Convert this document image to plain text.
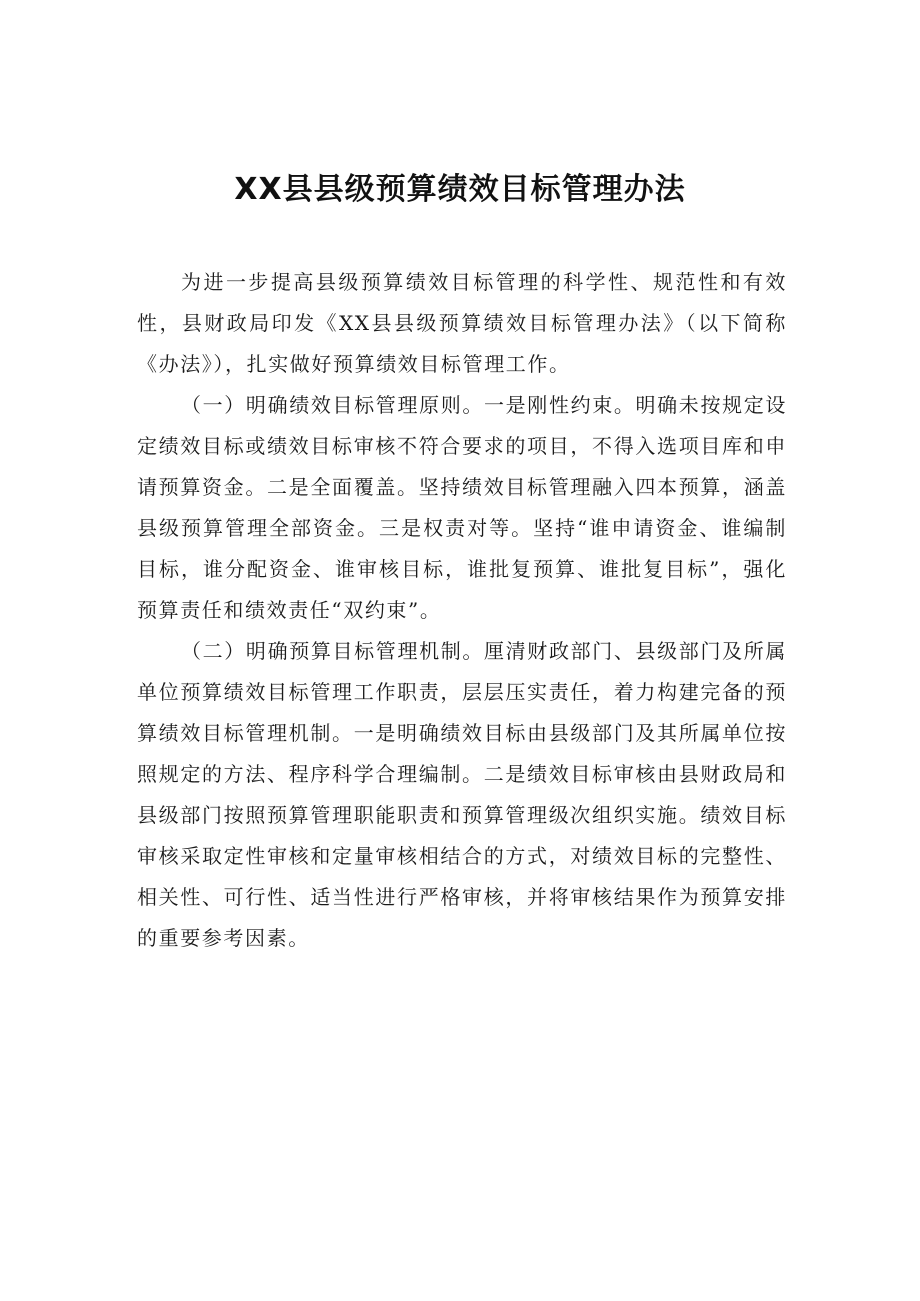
XX县县级预算绩效目标管理办法

为进一步提高县级预算绩效目标管理的科学性、规范性和有效性，县财政局印发《XX县县级预算绩效目标管理办法》（以下简称《办法》），扎实做好预算绩效目标管理工作。

（一）明确绩效目标管理原则。一是刚性约束。明确未按规定设定绩效目标或绩效目标审核不符合要求的项目，不得入选项目库和申请预算资金。二是全面覆盖。坚持绩效目标管理融入四本预算，涵盖县级预算管理全部资金。三是权责对等。坚持“谁申请资金、谁编制目标，谁分配资金、谁审核目标，谁批复预算、谁批复目标”，强化预算责任和绩效责任“双约束”。

（二）明确预算目标管理机制。厘清财政部门、县级部门及所属单位预算绩效目标管理工作职责，层层压实责任，着力构建完备的预算绩效目标管理机制。一是明确绩效目标由县级部门及其所属单位按照规定的方法、程序科学合理编制。二是绩效目标审核由县财政局和县级部门按照预算管理职能职责和预算管理级次组织实施。绩效目标审核采取定性审核和定量审核相结合的方式，对绩效目标的完整性、相关性、可行性、适当性进行严格审核，并将审核结果作为预算安排的重要参考因素。
